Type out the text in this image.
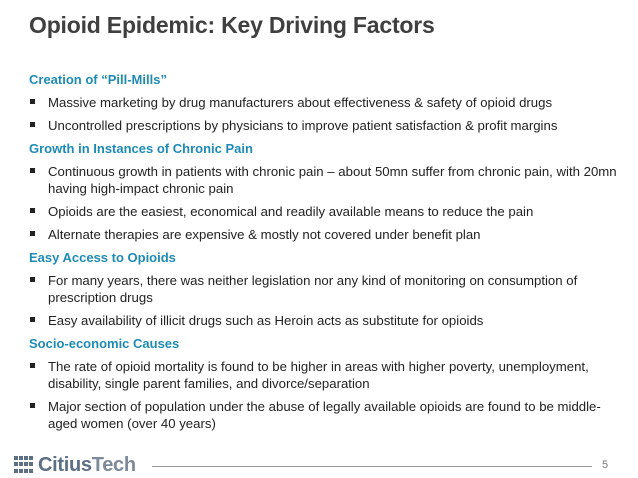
Opioid Epidemic: Key Driving Factors
Creation of “Pill-Mills”
Massive marketing by drug manufacturers about effectiveness & safety of opioid drugs
Uncontrolled prescriptions by physicians to improve patient satisfaction & profit margins
Growth in Instances of Chronic Pain
Continuous growth in patients with chronic pain – about 50mn suffer from chronic pain, with 20mn having high-impact chronic pain
Opioids are the easiest, economical and readily available means to reduce the pain
Alternate therapies are expensive & mostly not covered under benefit plan
Easy Access to Opioids
For many years, there was neither legislation nor any kind of monitoring on consumption of prescription drugs
Easy availability of illicit drugs such as Heroin acts as substitute for opioids
Socio-economic Causes
The rate of opioid mortality is found to be higher in areas with higher poverty, unemployment, disability, single parent families, and divorce/separation
Major section of population under the abuse of legally available opioids are found to be middle-aged women (over 40 years)
CitiusTech	5
